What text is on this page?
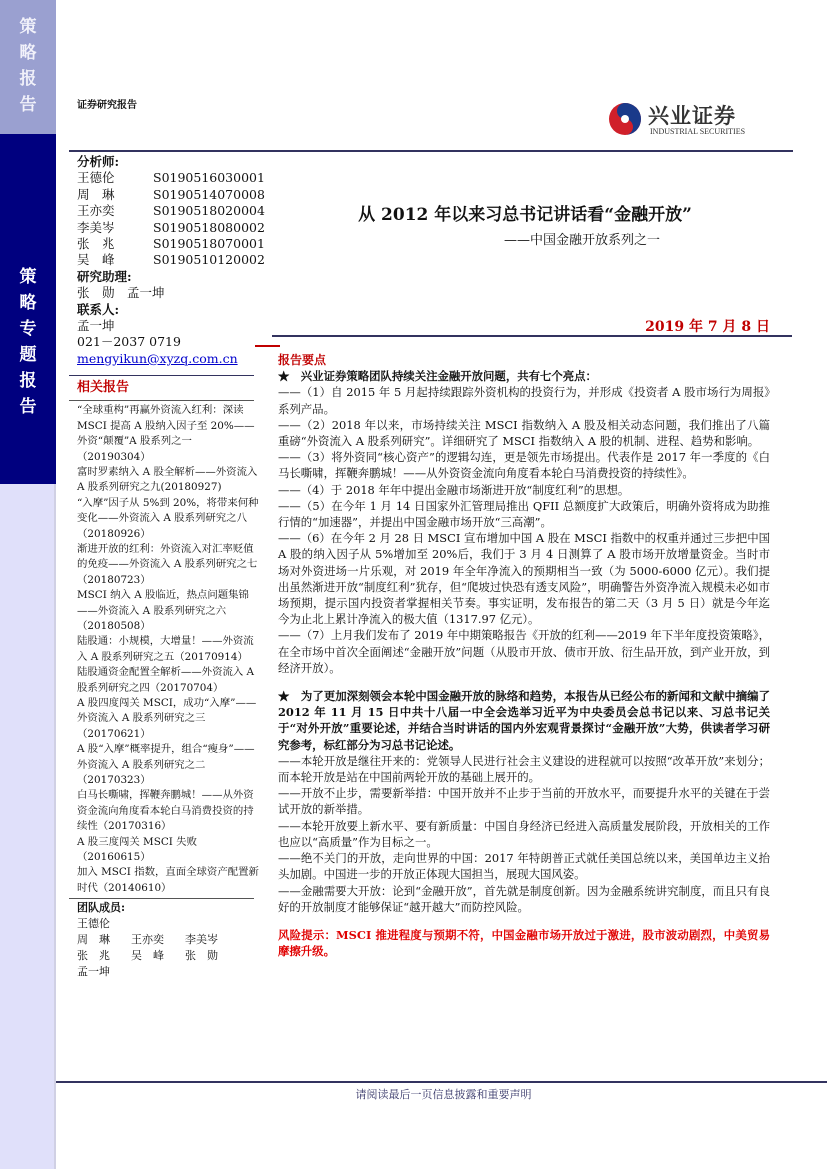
策
略
报
告
策
略
专
题
报
告
证券研究报告	兴业证券
INDUSTRIAL SECURITIES
分析师:
王德伦	S0190516030001
周　琳	S0190514070008
王亦奕	S0190518020004
李美岑	S0190518080002
张　兆	S0190518070001
吴　峰	S0190510120002
研究助理:
张　勋　孟一坤
联系人:
孟一坤
021－2037 0719
mengyikun@xyzq.com.cn
相关报告
“全球重构”再赢外资流入红利：深读 MSCI 提高 A 股纳入因子至 20%——外资“颠覆”A 股系列之一（20190304）
富时罗素纳入 A 股全解析——外资流入 A 股系列研究之九(20180927)
“入摩”因子从 5%到 20%，将带来何种变化——外资流入 A 股系列研究之八（20180926）
渐进开放的红利：外资流入对汇率贬值的免疫——外资流入 A 股系列研究之七（20180723）
MSCI 纳入 A 股临近，热点问题集锦——外资流入 A 股系列研究之六（20180508）
陆股通：小规模，大增量！——外资流入 A 股系列研究之五（20170914）
陆股通资金配置全解析——外资流入 A 股系列研究之四（20170704）
A 股四度闯关 MSCI，成功“入摩”——外资流入 A 股系列研究之三（20170621）
A 股“入摩”概率提升，组合“瘦身”——外资流入 A 股系列研究之二（20170323）
白马长嘶啸，挥鞭奔鹏城！——从外资资金流向角度看本轮白马消费投资的持续性（20170316）
A 股三度闯关 MSCI 失败（20160615）
加入 MSCI 指数，直面全球资产配置新时代（20140610）
团队成员:
王德伦
周　琳	王亦奕	李美岑
张　兆	吴　峰	张　勋
孟一坤
从 2012 年以来习总书记讲话看“金融开放”
——中国金融开放系列之一
2019 年 7 月 8 日

报告要点

★　兴业证券策略团队持续关注金融开放问题，共有七个亮点：

——（1）自 2015 年 5 月起持续跟踪外资机构的投资行为，并形成《投资者 A 股市场行为周报》系列产品。
——（2）2018 年以来，市场持续关注 MSCI 指数纳入 A 股及相关动态问题，我们推出了八篇重磅“外资流入 A 股系列研究”。详细研究了 MSCI 指数纳入 A 股的机制、进程、趋势和影响。
——（3）将外资同“核心资产”的逻辑勾连，更是领先市场提出。代表作是 2017 年一季度的《白马长嘶啸，挥鞭奔鹏城！——从外资资金流向角度看本轮白马消费投资的持续性》。
——（4）于 2018 年年中提出金融市场渐进开放“制度红利”的思想。
——（5）在今年 1 月 14 日国家外汇管理局推出 QFII 总额度扩大政策后，明确外资将成为助推行情的“加速器”，并提出中国金融市场开放“三高潮”。
——（6）在今年 2 月 28 日 MSCI 宣布增加中国 A 股在 MSCI 指数中的权重并通过三步把中国 A 股的纳入因子从 5%增加至 20%后，我们于 3 月 4 日测算了 A 股市场开放增量资金。当时市场对外资进场一片乐观，对 2019 年全年净流入的预期相当一致（为 5000-6000 亿元）。我们提出虽然渐进开放“制度红利”犹存，但“爬坡过快恐有透支风险”，明确警告外资净流入规模未必如市场预期，提示国内投资者掌握相关节奏。事实证明，发布报告的第二天（3 月 5 日）就是今年迄今为止北上累计净流入的极大值（1317.97 亿元）。
——（7）上月我们发布了 2019 年中期策略报告《开放的红利——2019 年下半年度投资策略》，在全市场中首次全面阐述“金融开放”问题（从股市开放、债市开放、衍生品开放，到产业开放，到经济开放）。

★　为了更加深刻领会本轮中国金融开放的脉络和趋势，本报告从已经公布的新闻和文献中摘编了 2012 年 11 月 15 日中共十八届一中全会选举习近平为中央委员会总书记以来、习总书记关于“对外开放”重要论述，并结合当时讲话的国内外宏观背景探讨“金融开放”大势，供读者学习研究参考，标红部分为习总书记论述。

——本轮开放是继往开来的：党领导人民进行社会主义建设的进程就可以按照“改革开放”来划分；而本轮开放是站在中国前两轮开放的基础上展开的。
——开放不止步，需要新举措：中国开放并不止步于当前的开放水平，而要提升水平的关键在于尝试开放的新举措。
——本轮开放要上新水平、要有新质量：中国自身经济已经进入高质量发展阶段，开放相关的工作也应以“高质量”作为目标之一。
——绝不关门的开放，走向世界的中国：2017 年特朗普正式就任美国总统以来，美国单边主义抬头加剧。中国进一步的开放正体现大国担当，展现大国风姿。
——金融需要大开放：论到“金融开放”，首先就是制度创新。因为金融系统讲究制度，而且只有良好的开放制度才能够保证“越开越大”而防控风险。

风险提示：MSCI 推进程度与预期不符，中国金融市场开放过于激进，股市波动剧烈，中美贸易摩擦升级。

请阅读最后一页信息披露和重要声明
